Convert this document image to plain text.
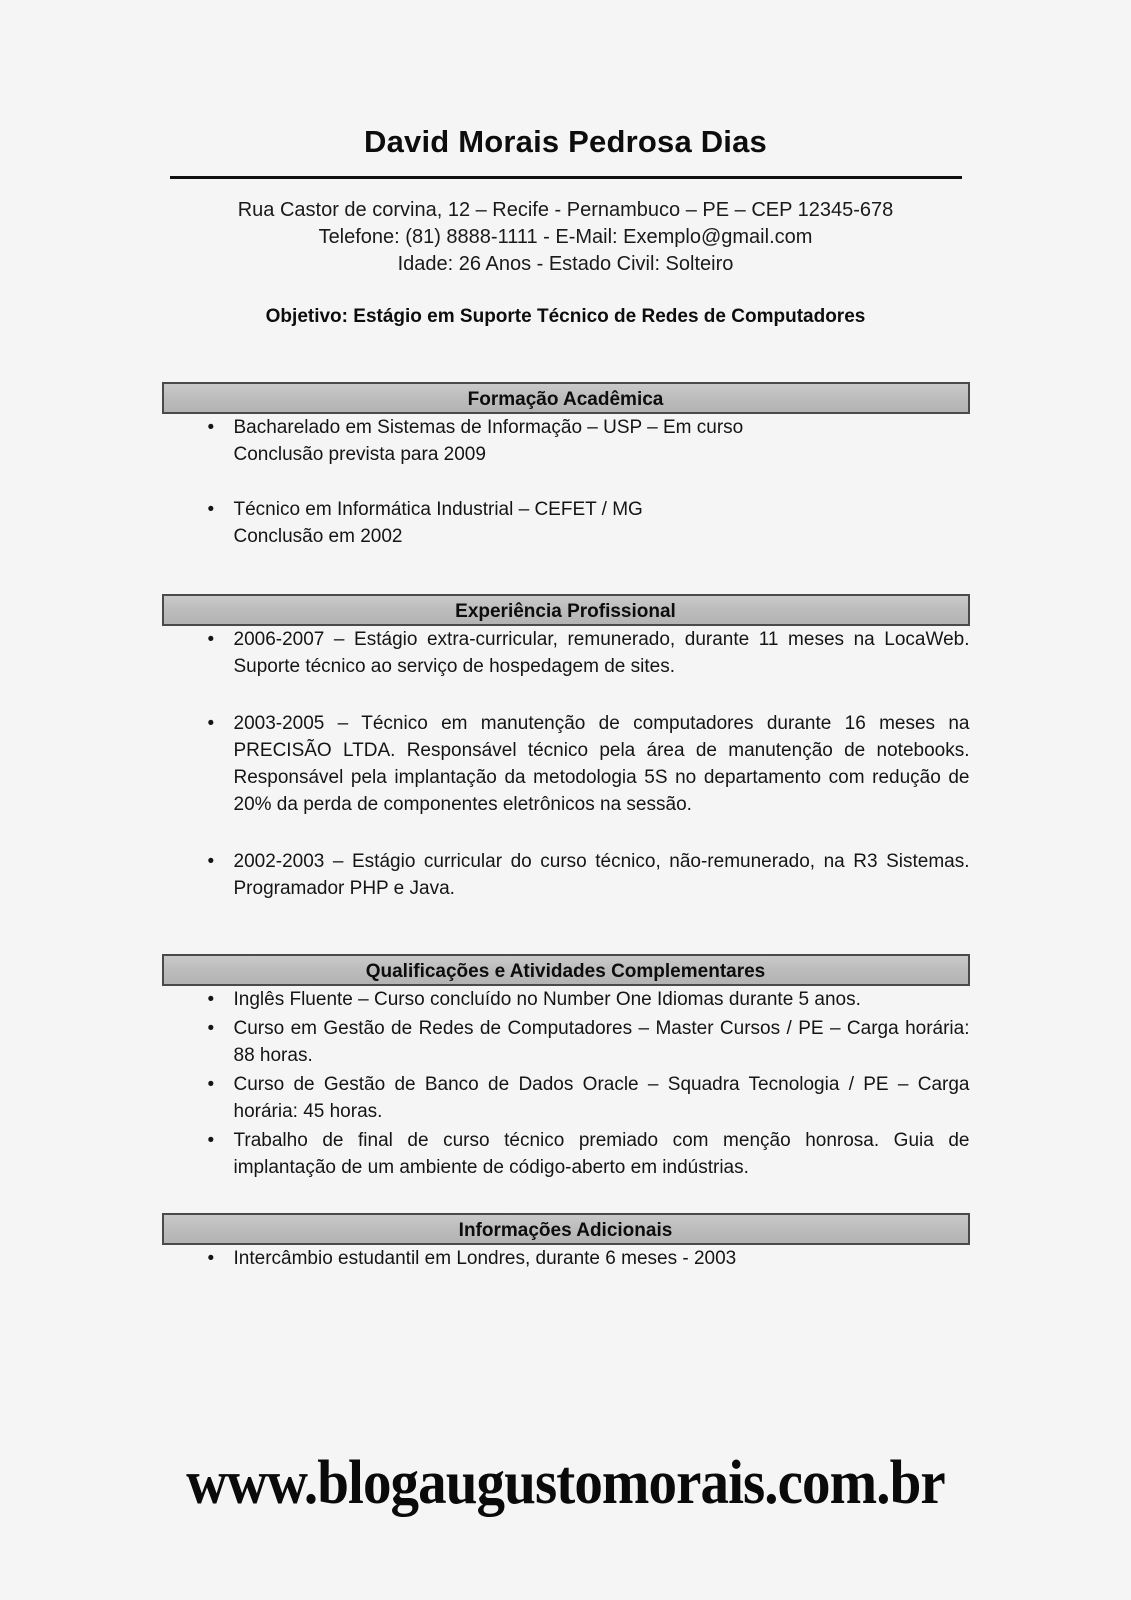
David Morais Pedrosa Dias
Rua Castor de corvina, 12 – Recife - Pernambuco – PE – CEP 12345-678
Telefone: (81) 8888-1111 - E-Mail: Exemplo@gmail.com
Idade: 26 Anos - Estado Civil: Solteiro
Objetivo: Estágio em Suporte Técnico de Redes de Computadores
Formação Acadêmica
• Bacharelado em Sistemas de Informação – USP – Em curso
Conclusão prevista para 2009
• Técnico em Informática Industrial – CEFET / MG
Conclusão em 2002
Experiência Profissional
• 2006-2007 – Estágio extra-curricular, remunerado, durante 11 meses na LocaWeb. Suporte técnico ao serviço de hospedagem de sites.
• 2003-2005 – Técnico em manutenção de computadores durante 16 meses na PRECISÃO LTDA. Responsável técnico pela área de manutenção de notebooks. Responsável pela implantação da metodologia 5S no departamento com redução de 20% da perda de componentes eletrônicos na sessão.
• 2002-2003 – Estágio curricular do curso técnico, não-remunerado, na R3 Sistemas. Programador PHP e Java.
Qualificações e Atividades Complementares
• Inglês Fluente – Curso concluído no Number One Idiomas durante 5 anos.
• Curso em Gestão de Redes de Computadores – Master Cursos / PE – Carga horária: 88 horas.
• Curso de Gestão de Banco de Dados Oracle – Squadra Tecnologia / PE – Carga horária: 45 horas.
• Trabalho de final de curso técnico premiado com menção honrosa. Guia de implantação de um ambiente de código-aberto em indústrias.
Informações Adicionais
• Intercâmbio estudantil em Londres, durante 6 meses - 2003
www.blogaugustomorais.com.br
